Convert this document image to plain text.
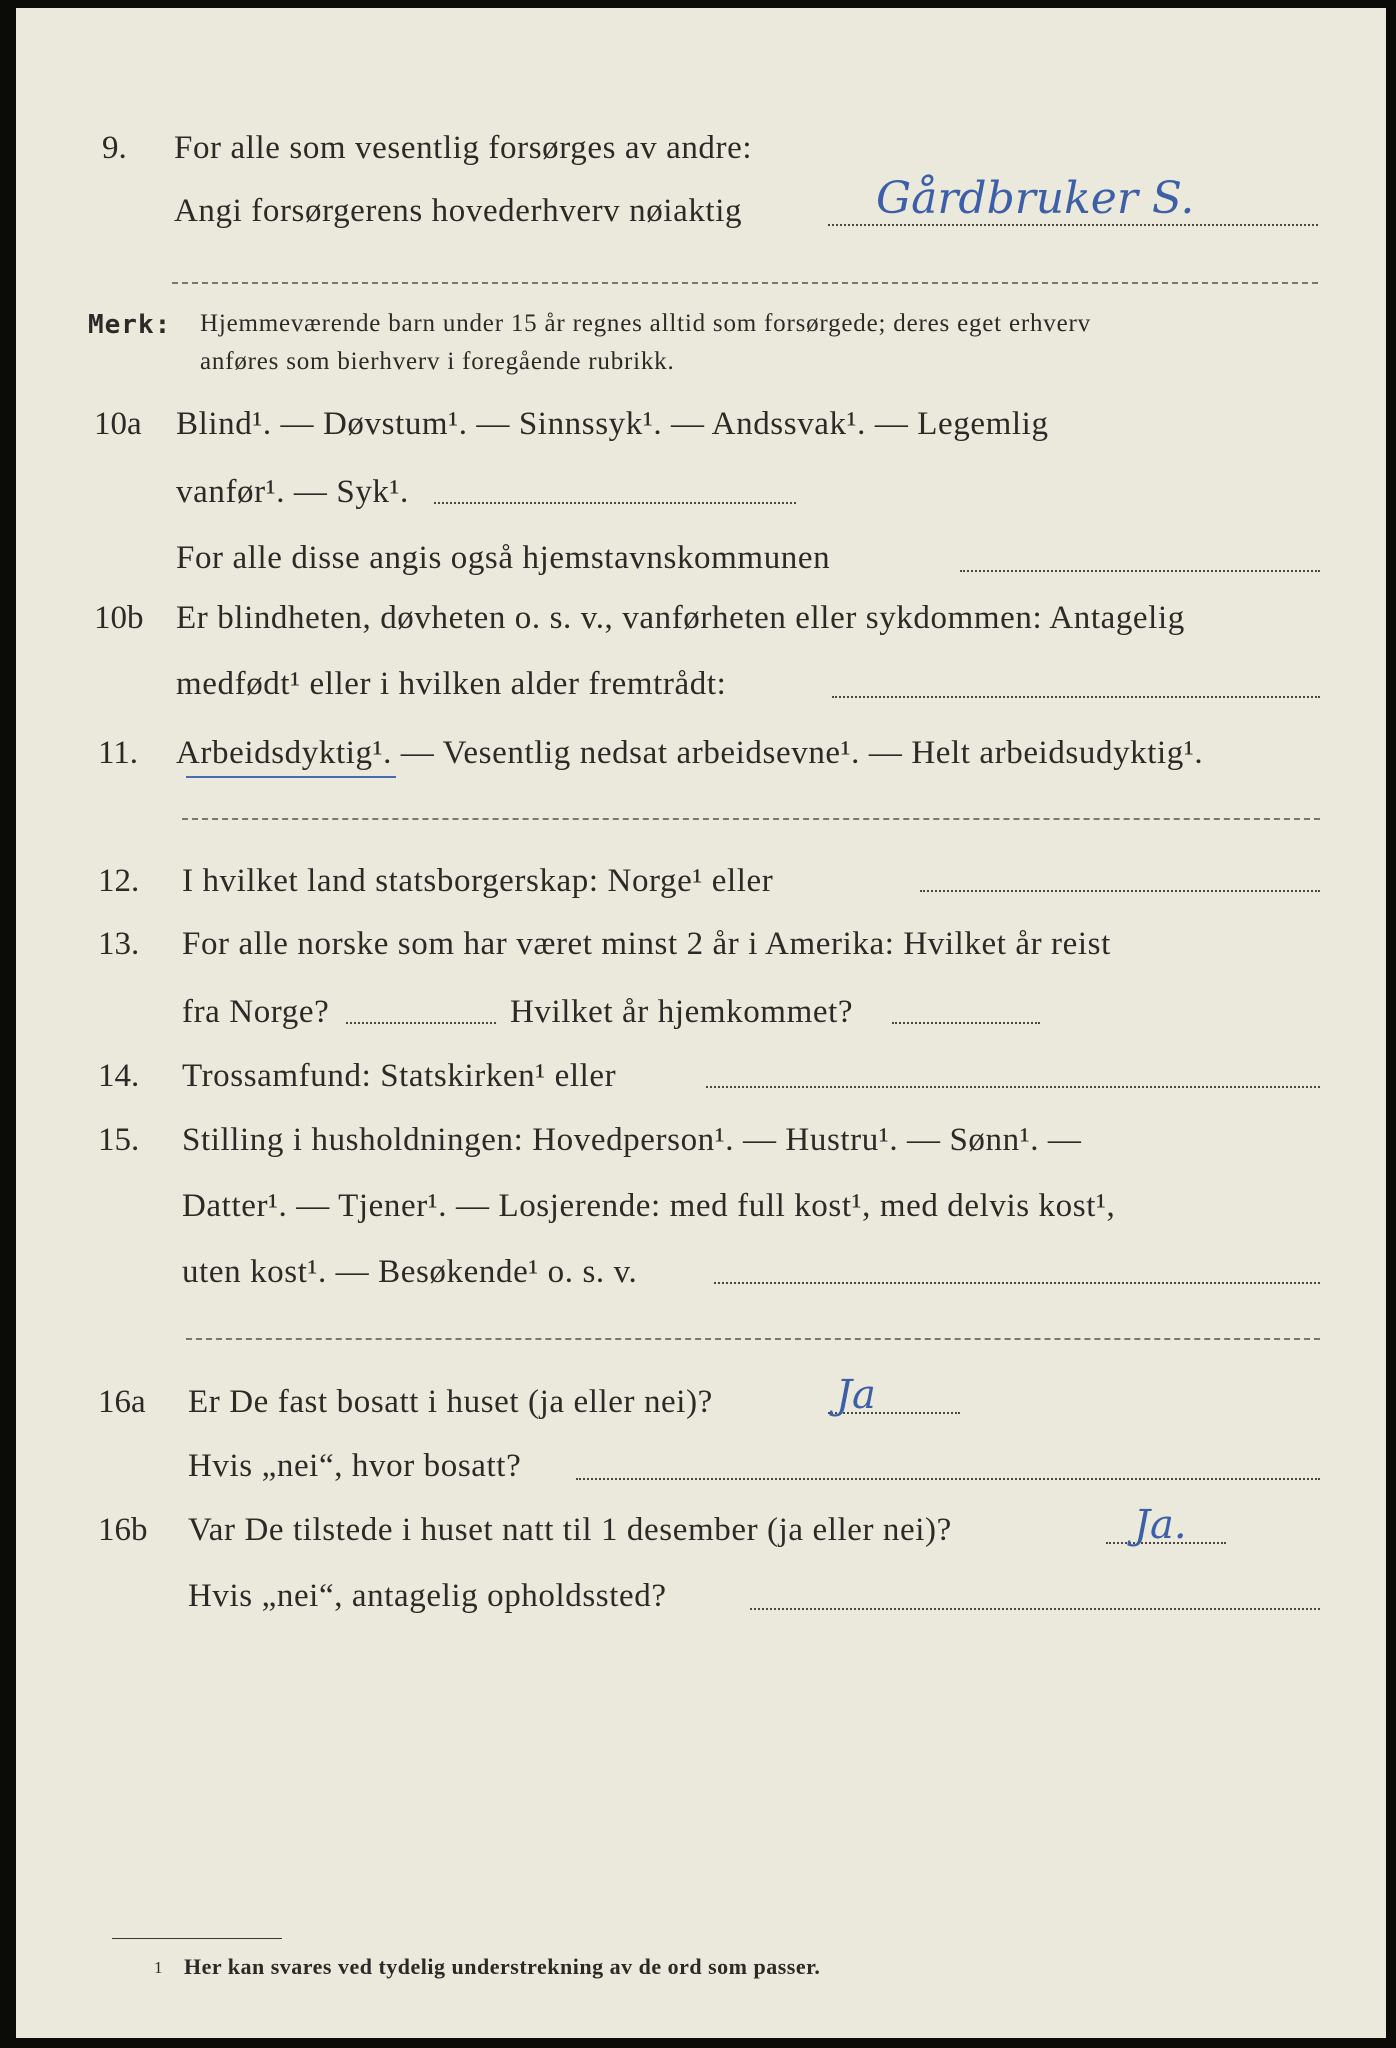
9. For alle som vesentlig forsørges av andre:
Angi forsørgerens hovederhverv nøiaktig	Gårdbruker S.
Merk: Hjemmeværende barn under 15 år regnes alltid som forsørgede; deres eget erhverv
anføres som bierhverv i foregående rubrikk.
10a Blind¹. — Døvstum¹. — Sinnssyk¹. — Andssvak¹. — Legemlig
vanfør¹. — Syk¹.
For alle disse angis også hjemstavnskommunen
10b Er blindheten, døvheten o. s. v., vanførheten eller sykdommen: Antagelig
medfødt¹ eller i hvilken alder fremtrådt:
11. Arbeidsdyktig¹. — Vesentlig nedsat arbeidsevne¹. — Helt arbeidsudyktig¹.
12. I hvilket land statsborgerskap: Norge¹ eller
13. For alle norske som har været minst 2 år i Amerika: Hvilket år reist
fra Norge?	Hvilket år hjemkommet?
14. Trossamfund: Statskirken¹ eller
15. Stilling i husholdningen: Hovedperson¹. — Hustru¹. — Sønn¹. —
Datter¹. — Tjener¹. — Losjerende: med full kost¹, med delvis kost¹,
uten kost¹. — Besøkende¹ o. s. v.
16a Er De fast bosatt i huset (ja eller nei)?	Ja
Hvis „nei“, hvor bosatt?
16b Var De tilstede i huset natt til 1 desember (ja eller nei)?	Ja.
Hvis „nei“, antagelig opholdssted?
1 Her kan svares ved tydelig understrekning av de ord som passer.
